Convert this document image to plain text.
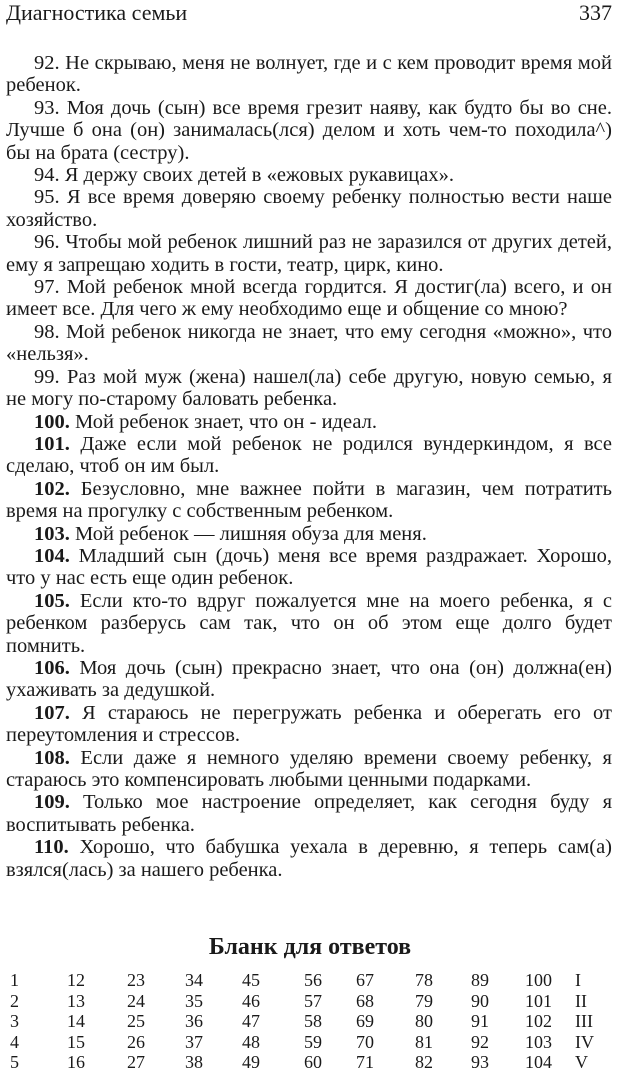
Диагностика семьи	337

92. Не скрываю, меня не волнует, где и с кем проводит время мой ребенок.

93. Моя дочь (сын) все время грезит наяву, как будто бы во сне. Лучше б она (он) занималась(лся) делом и хоть чем-то походила^) бы на брата (сестру).

94. Я держу своих детей в «ежовых рукавицах».

95. Я все время доверяю своему ребенку полностью вести наше хозяйство.

96. Чтобы мой ребенок лишний раз не заразился от других детей, ему я запрещаю ходить в гости, театр, цирк, кино.

97. Мой ребенок мной всегда гордится. Я достиг(ла) всего, и он имеет все. Для чего ж ему необходимо еще и общение со мною?

98. Мой ребенок никогда не знает, что ему сегодня «можно», что «нельзя».

99. Раз мой муж (жена) нашел(ла) себе другую, новую семью, я не могу по-старому баловать ребенка.

100. Мой ребенок знает, что он - идеал.

101. Даже если мой ребенок не родился вундеркиндом, я все сделаю, чтоб он им был.

102. Безусловно, мне важнее пойти в магазин, чем потратить время на прогулку с собственным ребенком.

103. Мой ребенок — лишняя обуза для меня.

104. Младший сын (дочь) меня все время раздражает. Хорошо, что у нас есть еще один ребенок.

105. Если кто-то вдруг пожалуется мне на моего ребенка, я с ребенком разберусь сам так, что он об этом еще долго будет помнить.

106. Моя дочь (сын) прекрасно знает, что она (он) должна(ен) ухаживать за дедушкой.

107. Я стараюсь не перегружать ребенка и оберегать его от переутомления и стрессов.

108. Если даже я немного уделяю времени своему ребенку, я стараюсь это компенсировать любыми ценными подарками.

109. Только мое настроение определяет, как сегодня буду я воспитывать ребенка.

110. Хорошо, что бабушка уехала в деревню, я теперь сам(а) взялся(лась) за нашего ребенка.

Бланк для ответов
1	12 23 34 45 56 67 78 89 100 I
2	13 24 35 46 57 68 79 90 101 II
3	14 25 36 47 58 69 80 91 102 III
4	15 26 37 48 59 70 81 92 103 IV
5	16 27 38 49 60 71 82 93 104 V
